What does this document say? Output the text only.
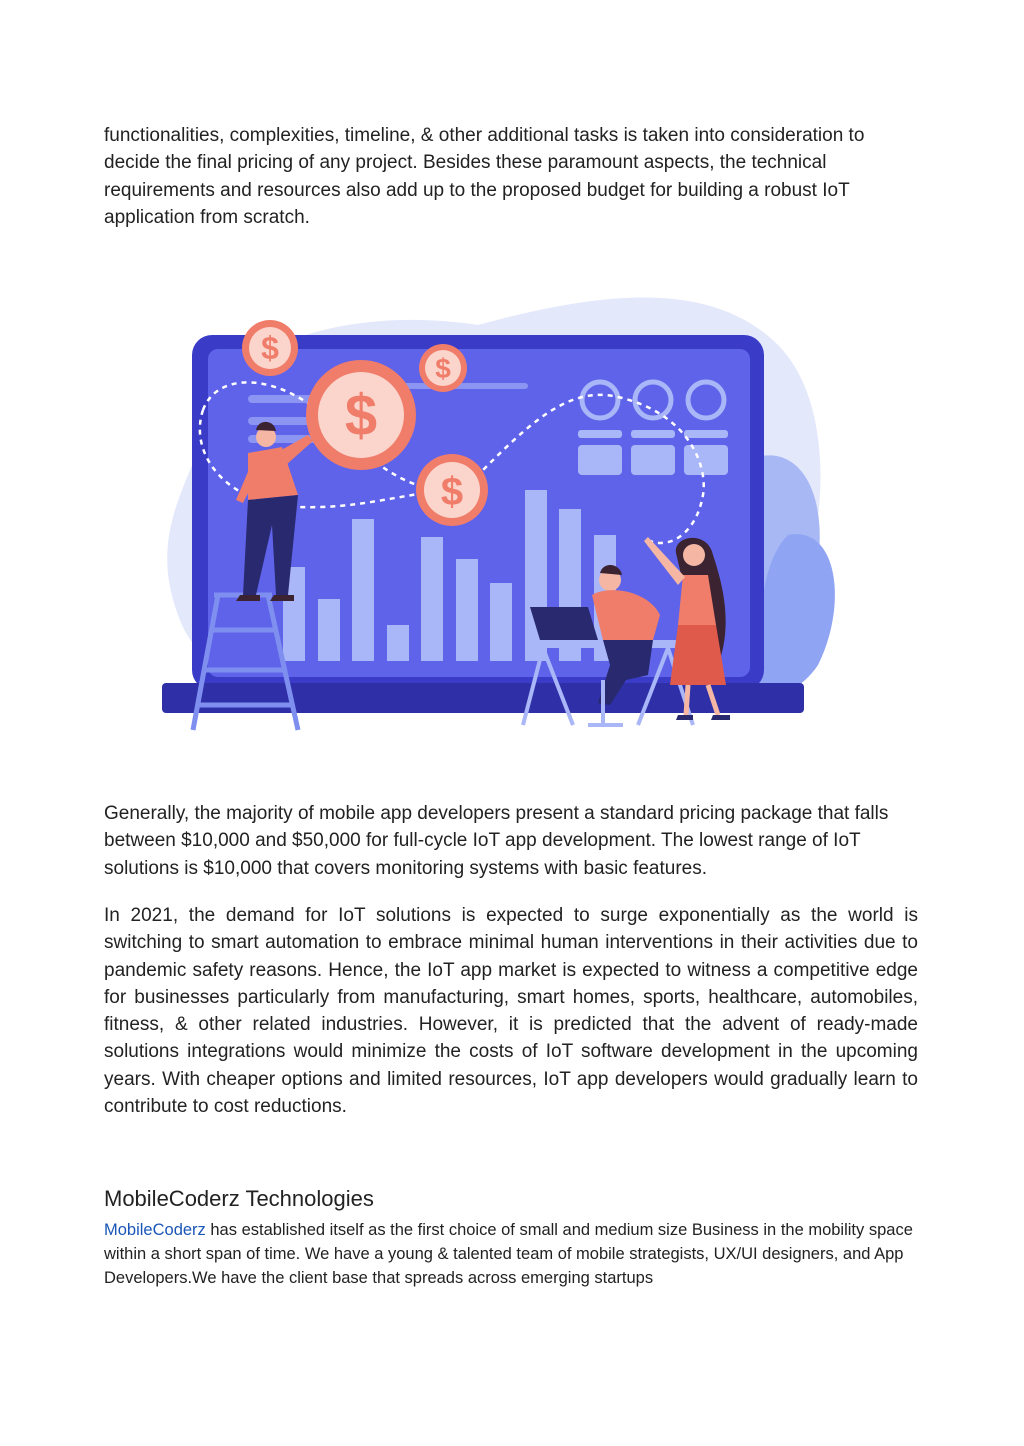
functionalities, complexities, timeline, & other additional tasks is taken into consideration to decide the final pricing of any project. Besides these paramount aspects, the technical requirements and resources also add up to the proposed budget for building a robust IoT application from scratch.

$
$
$
$

Generally, the majority of mobile app developers present a standard pricing package that falls between $10,000 and $50,000 for full-cycle IoT app development. The lowest range of IoT solutions is $10,000 that covers monitoring systems with basic features.

In 2021, the demand for IoT solutions is expected to surge exponentially as the world is switching to smart automation to embrace minimal human interventions in their activities due to pandemic safety reasons. Hence, the IoT app market is expected to witness a competitive edge for businesses particularly from manufacturing, smart homes, sports, healthcare, automobiles, fitness, & other related industries. However, it is predicted that the advent of ready-made solutions integrations would minimize the costs of IoT software development in the upcoming years. With cheaper options and limited resources, IoT app developers would gradually learn to contribute to cost reductions.

MobileCoderz Technologies

MobileCoderz has established itself as the first choice of small and medium size Business in the mobility space within a short span of time. We have a young & talented team of mobile strategists, UX/UI designers, and App Developers.We have the client base that spreads across emerging startups
